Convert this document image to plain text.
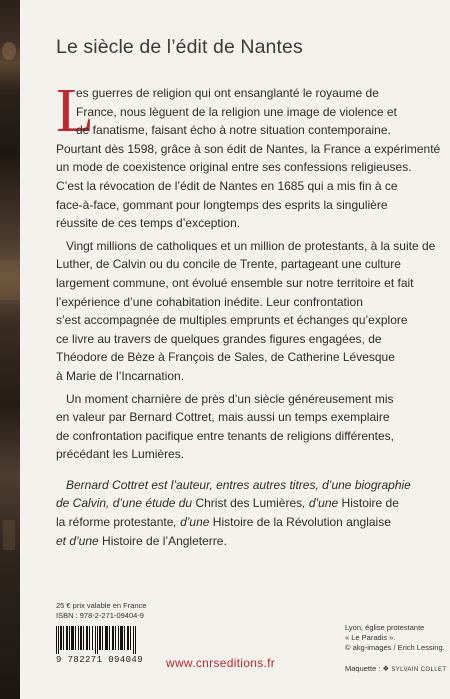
Le siècle de l’édit de Nantes
L

es guerres de religion qui ont ensanglanté le royaume de
France, nous lèguent de la religion une image de violence et
de fanatisme, faisant écho à notre situation contemporaine.
Pourtant dès 1598, grâce à son édit de Nantes, la France a expérimenté
un mode de coexistence original entre ses confessions religieuses.
C’est la révocation de l’édit de Nantes en 1685 qui a mis fin à ce
face-à-face, gommant pour longtemps des esprits la singulière
réussite de ces temps d’exception.

Vingt millions de catholiques et un million de protestants, à la suite de
Luther, de Calvin ou du concile de Trente, partageant une culture
largement commune, ont évolué ensemble sur notre territoire et fait
l’expérience d’une cohabitation inédite. Leur confrontation
s’est accompagnée de multiples emprunts et échanges qu’explore
ce livre au travers de quelques grandes figures engagées, de
Théodore de Bèze à François de Sales, de Catherine Lévesque
à Marie de l’Incarnation.

Un moment charnière de près d’un siècle généreusement mis
en valeur par Bernard Cottret, mais aussi un temps exemplaire
de confrontation pacifique entre tenants de religions différentes,
précédant les Lumières.

Bernard Cottret est l’auteur, entres autres titres, d’une biographie
de Calvin, d’une étude du Christ des Lumières, d’une Histoire de
la réforme protestante, d’une Histoire de la Révolution anglaise
et d’une Histoire de l’Angleterre.

25 € prix valable en France
ISBN : 978-2-271-09404-9
9 782271 094049 www.cnrseditions.fr
Lyon, église protestante
« Le Paradis ».
© akg-images / Erich Lessing.
Maquette : ❖ SYLVAIN COLLET
